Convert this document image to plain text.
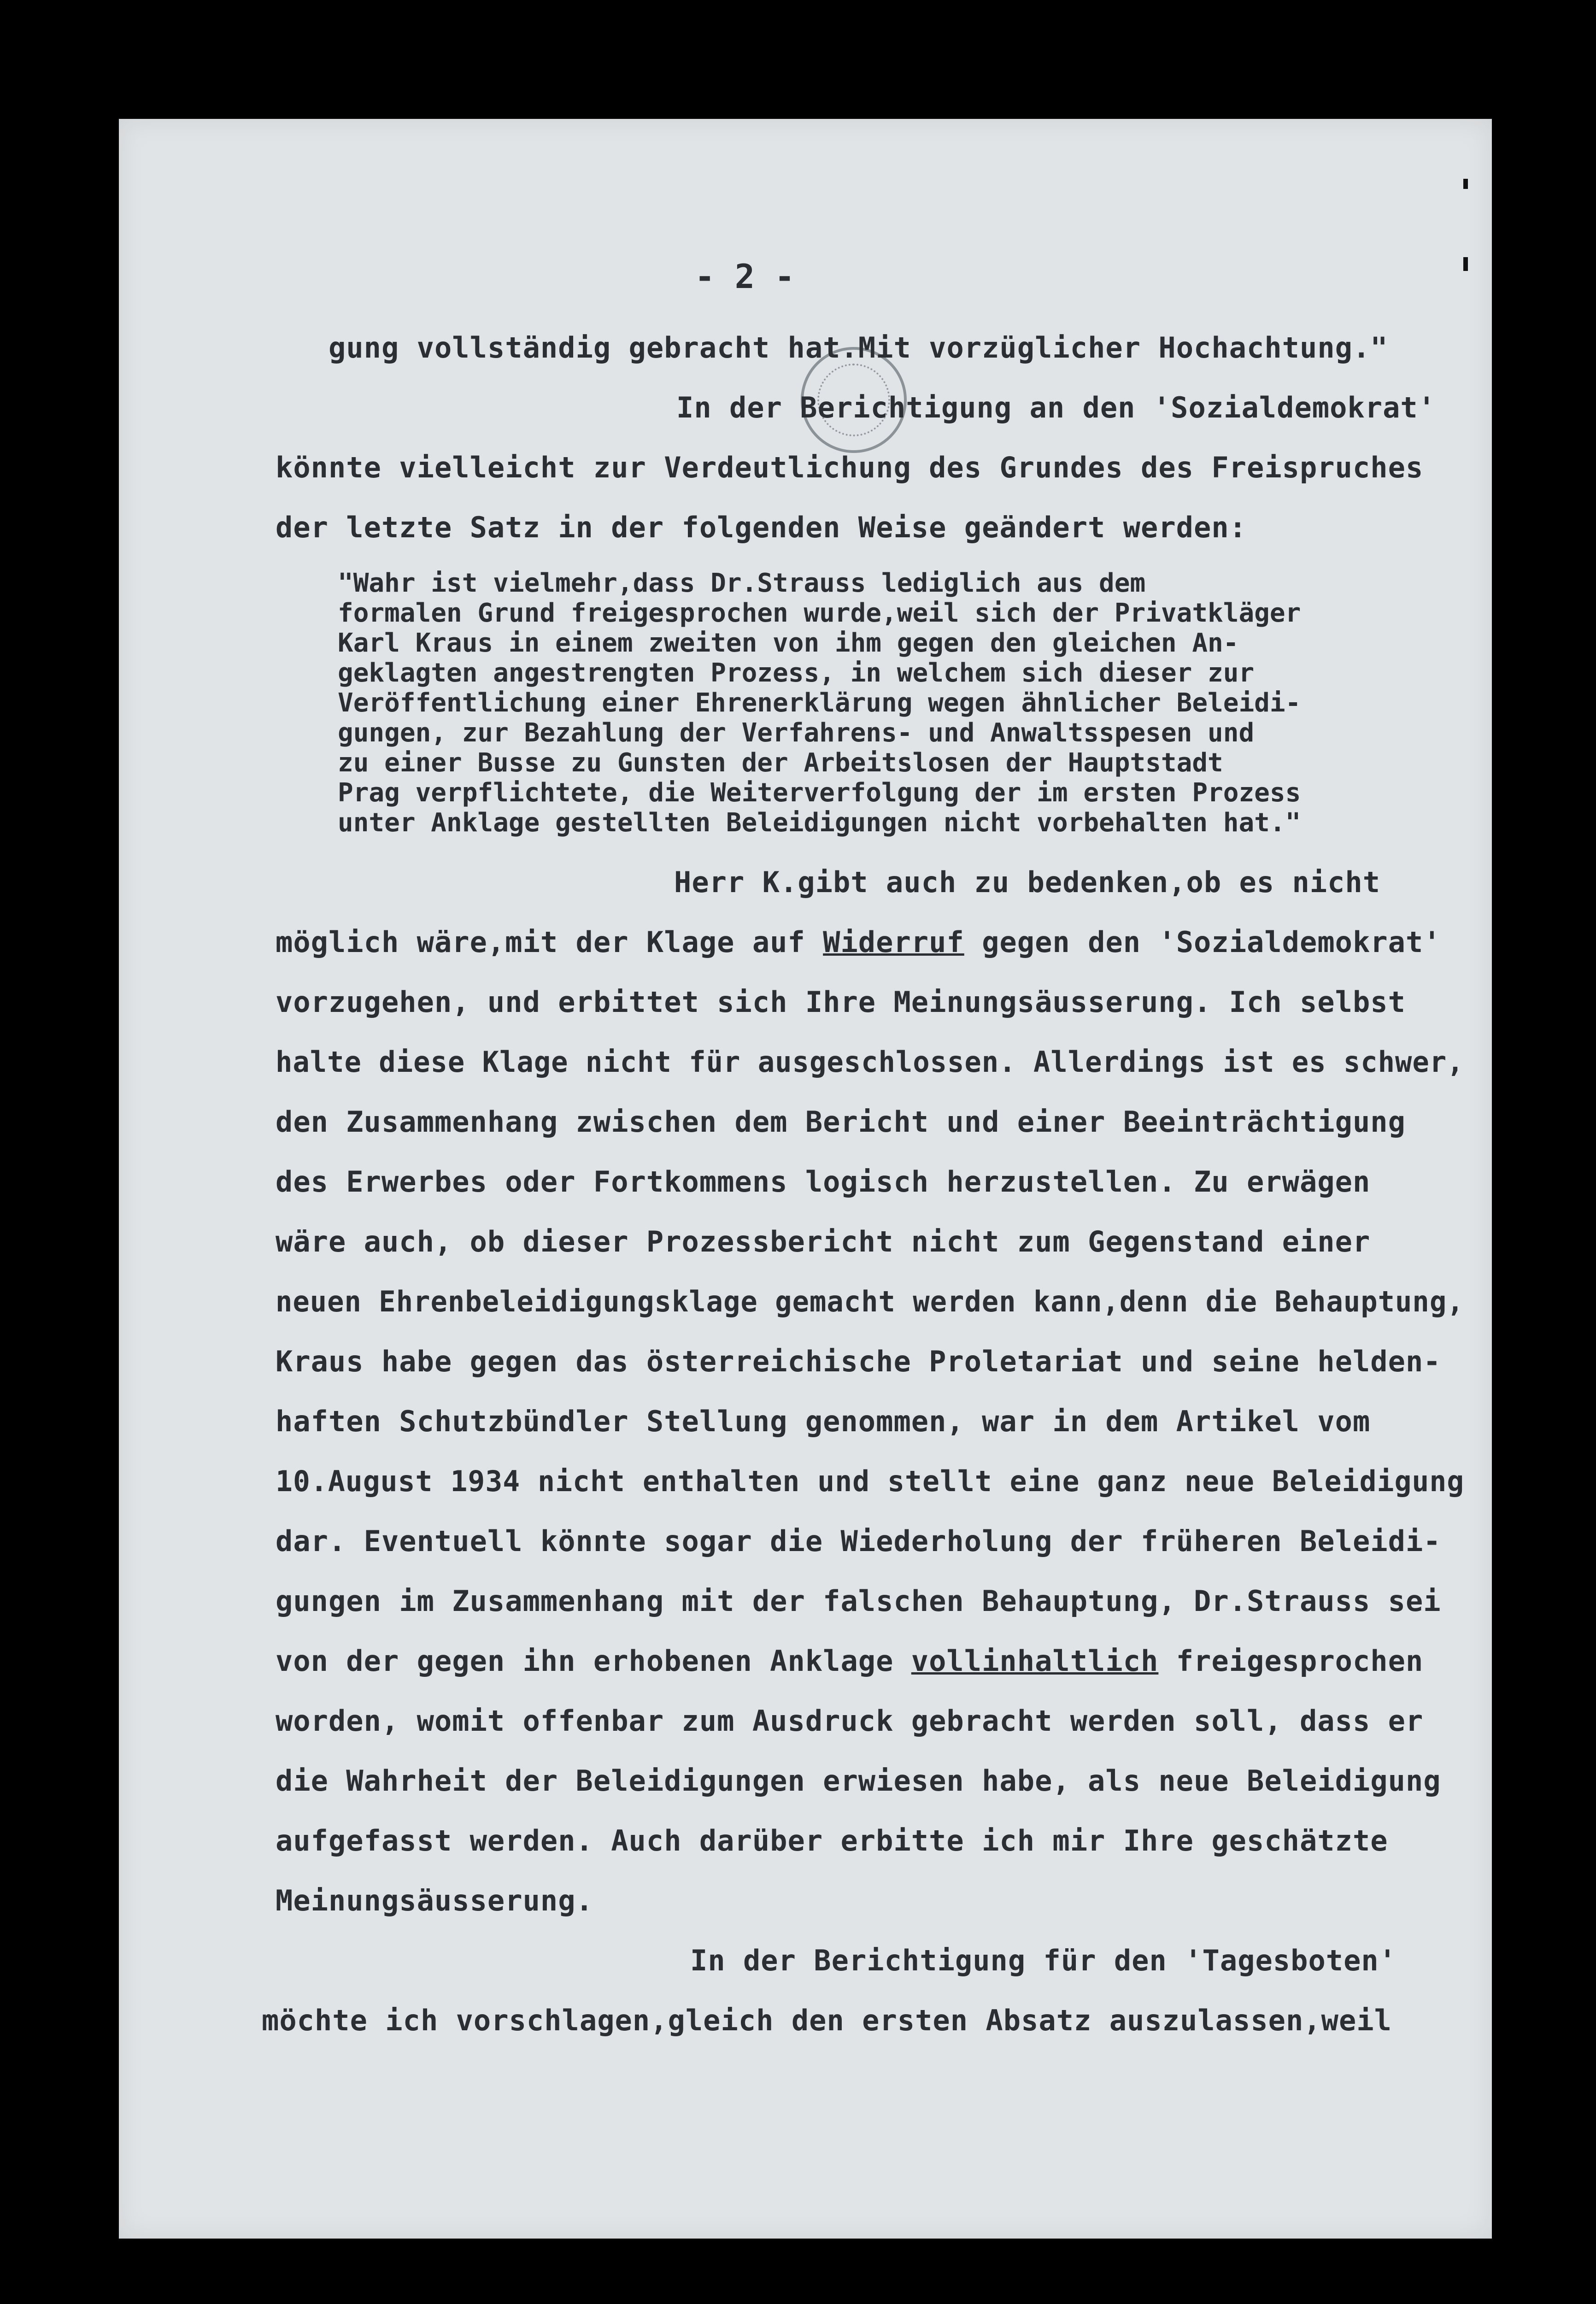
- 2 -
gung vollständig gebracht hat.Mit vorzüglicher Hochachtung."
In der Berichtigung an den 'Sozialdemokrat'
könnte vielleicht zur Verdeutlichung des Grundes des Freispruches
der letzte Satz in der folgenden Weise geändert werden:
"Wahr ist vielmehr,dass Dr.Strauss lediglich aus dem
formalen Grund freigesprochen wurde,weil sich der Privatkläger
Karl Kraus in einem zweiten von ihm gegen den gleichen An-
geklagten angestrengten Prozess, in welchem sich dieser zur
Veröffentlichung einer Ehrenerklärung wegen ähnlicher Beleidi-
gungen, zur Bezahlung der Verfahrens- und Anwaltsspesen und
zu einer Busse zu Gunsten der Arbeitslosen der Hauptstadt
Prag verpflichtete, die Weiterverfolgung der im ersten Prozess
unter Anklage gestellten Beleidigungen nicht vorbehalten hat."
Herr K.gibt auch zu bedenken,ob es nicht
möglich wäre,mit der Klage auf Widerruf gegen den 'Sozialdemokrat'
vorzugehen, und erbittet sich Ihre Meinungsäusserung. Ich selbst
halte diese Klage nicht für ausgeschlossen. Allerdings ist es schwer,
den Zusammenhang zwischen dem Bericht und einer Beeinträchtigung
des Erwerbes oder Fortkommens logisch herzustellen. Zu erwägen
wäre auch, ob dieser Prozessbericht nicht zum Gegenstand einer
neuen Ehrenbeleidigungsklage gemacht werden kann,denn die Behauptung,
Kraus habe gegen das österreichische Proletariat und seine helden-
haften Schutzbündler Stellung genommen, war in dem Artikel vom
10.August 1934 nicht enthalten und stellt eine ganz neue Beleidigung
dar. Eventuell könnte sogar die Wiederholung der früheren Beleidi-
gungen im Zusammenhang mit der falschen Behauptung, Dr.Strauss sei
von der gegen ihn erhobenen Anklage vollinhaltlich freigesprochen
worden, womit offenbar zum Ausdruck gebracht werden soll, dass er
die Wahrheit der Beleidigungen erwiesen habe, als neue Beleidigung
aufgefasst werden. Auch darüber erbitte ich mir Ihre geschätzte
Meinungsäusserung.
In der Berichtigung für den 'Tagesboten'
möchte ich vorschlagen,gleich den ersten Absatz auszulassen,weil
